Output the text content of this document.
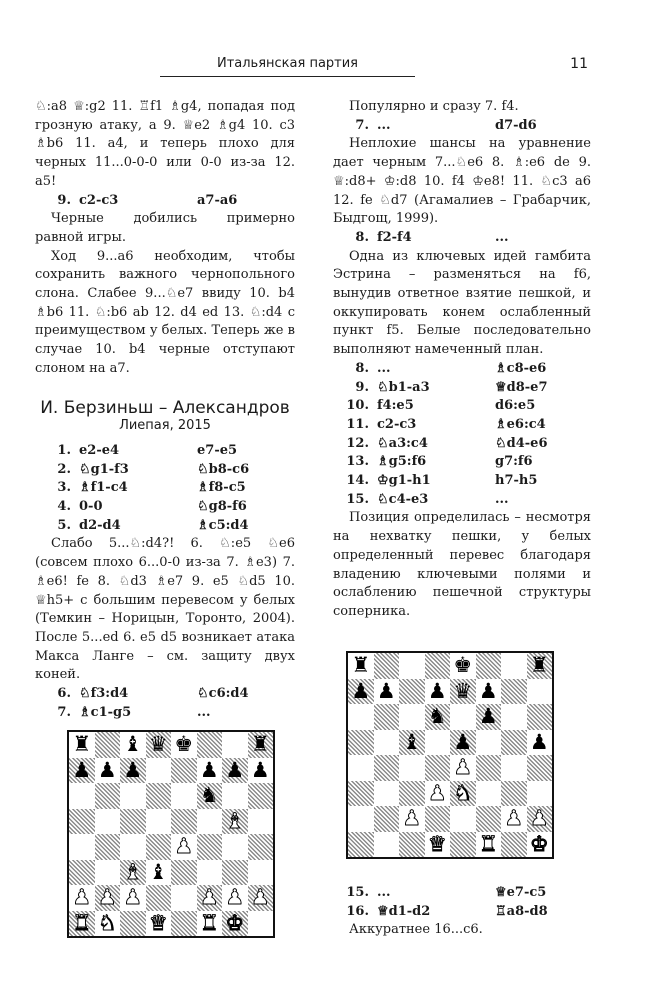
Итальянская партия	11

♘:a8 ♕:g2 11. ♖f1 ♗g4, попадая под грозную атаку, а 9. ♕e2 ♗g4 10. c3 ♗b6 11. a4, и теперь плохо для черных 11...0-0-0 или 0-0 из-за 12. a5!

9.	c2-c3	a7-a6

Черные добились примерно равной игры.

Ход 9...a6 необходим, чтобы сохранить важного чернопольного слона. Слабее 9...♘e7 ввиду 10. b4 ♗b6 11. ♘:b6 ab 12. d4 ed 13. ♘:d4 с преимуществом у белых. Теперь же в случае 10. b4 черные отступают слоном на a7.

И. Берзиньш – Александров
Лиепая, 2015
1.	e2-e4	e7-e5
2.	♘g1-f3	♘b8-c6
3.	♗f1-c4	♗f8-c5
4.	0-0	♘g8-f6
5.	d2-d4	♗c5:d4

Слабо 5...♘:d4?! 6. ♘:e5 ♘e6 (совсем плохо 6...0-0 из-за 7. ♗e3) 7. ♗e6! fe 8. ♘d3 ♗e7 9. e5 ♘d5 10. ♕h5+ с большим перевесом у белых (Темкин – Норицын, Торонто, 2004). После 5...ed 6. e5 d5 возникает атака Макса Ланге – см. защиту двух коней.

6.	♘f3:d4	♘c6:d4
7.	♗c1-g5	...

Популярно и сразу 7. f4.

7.	...	d7-d6

Неплохие шансы на уравнение дает черным 7...♘e6 8. ♗:e6 de 9. ♕:d8+ ♔:d8 10. f4 ♔e8! 11. ♘c3 a6 12. fe ♘d7 (Агамалиев – Грабарчик, Быдгощ, 1999).

8.	f2-f4	...

Одна из ключевых идей гамбита Эстрина – разменяться на f6, вынудив ответное взятие пешкой, и оккупировать конем ослабленный пункт f5. Белые последовательно выполняют намеченный план.

8.	...	♗c8-e6
9.	♘b1-a3	♕d8-e7
10.	f4:e5	d6:e5
11.	c2-c3	♗e6:c4
12.	♘a3:c4	♘d4-e6
13.	♗g5:f6	g7:f6
14.	♔g1-h1	h7-h5
15.	♘c4-e3	...

Позиция определилась – несмотря на нехватку пешки, у белых определенный перевес благодаря владению ключевыми полями и ослаблению пешечной структуры соперника.

15.	...	♕e7-c5
16.	♕d1-d2	♖a8-d8

Аккуратнее 16...c6.

♜ ♝ ♛ ♚	♜
♟ ♟ ♟	♟ ♟ ♟
♞
♝
♟
♝ ♝
♟ ♟ ♟	♟ ♟ ♟
♜ ♞ ♛ ♜ ♚
♜	♚	♜
♟ ♟ ♟ ♛ ♟
♞ ♟
♝ ♟	♟
♟
♟ ♞
♟	♟ ♟
♛ ♜ ♚
